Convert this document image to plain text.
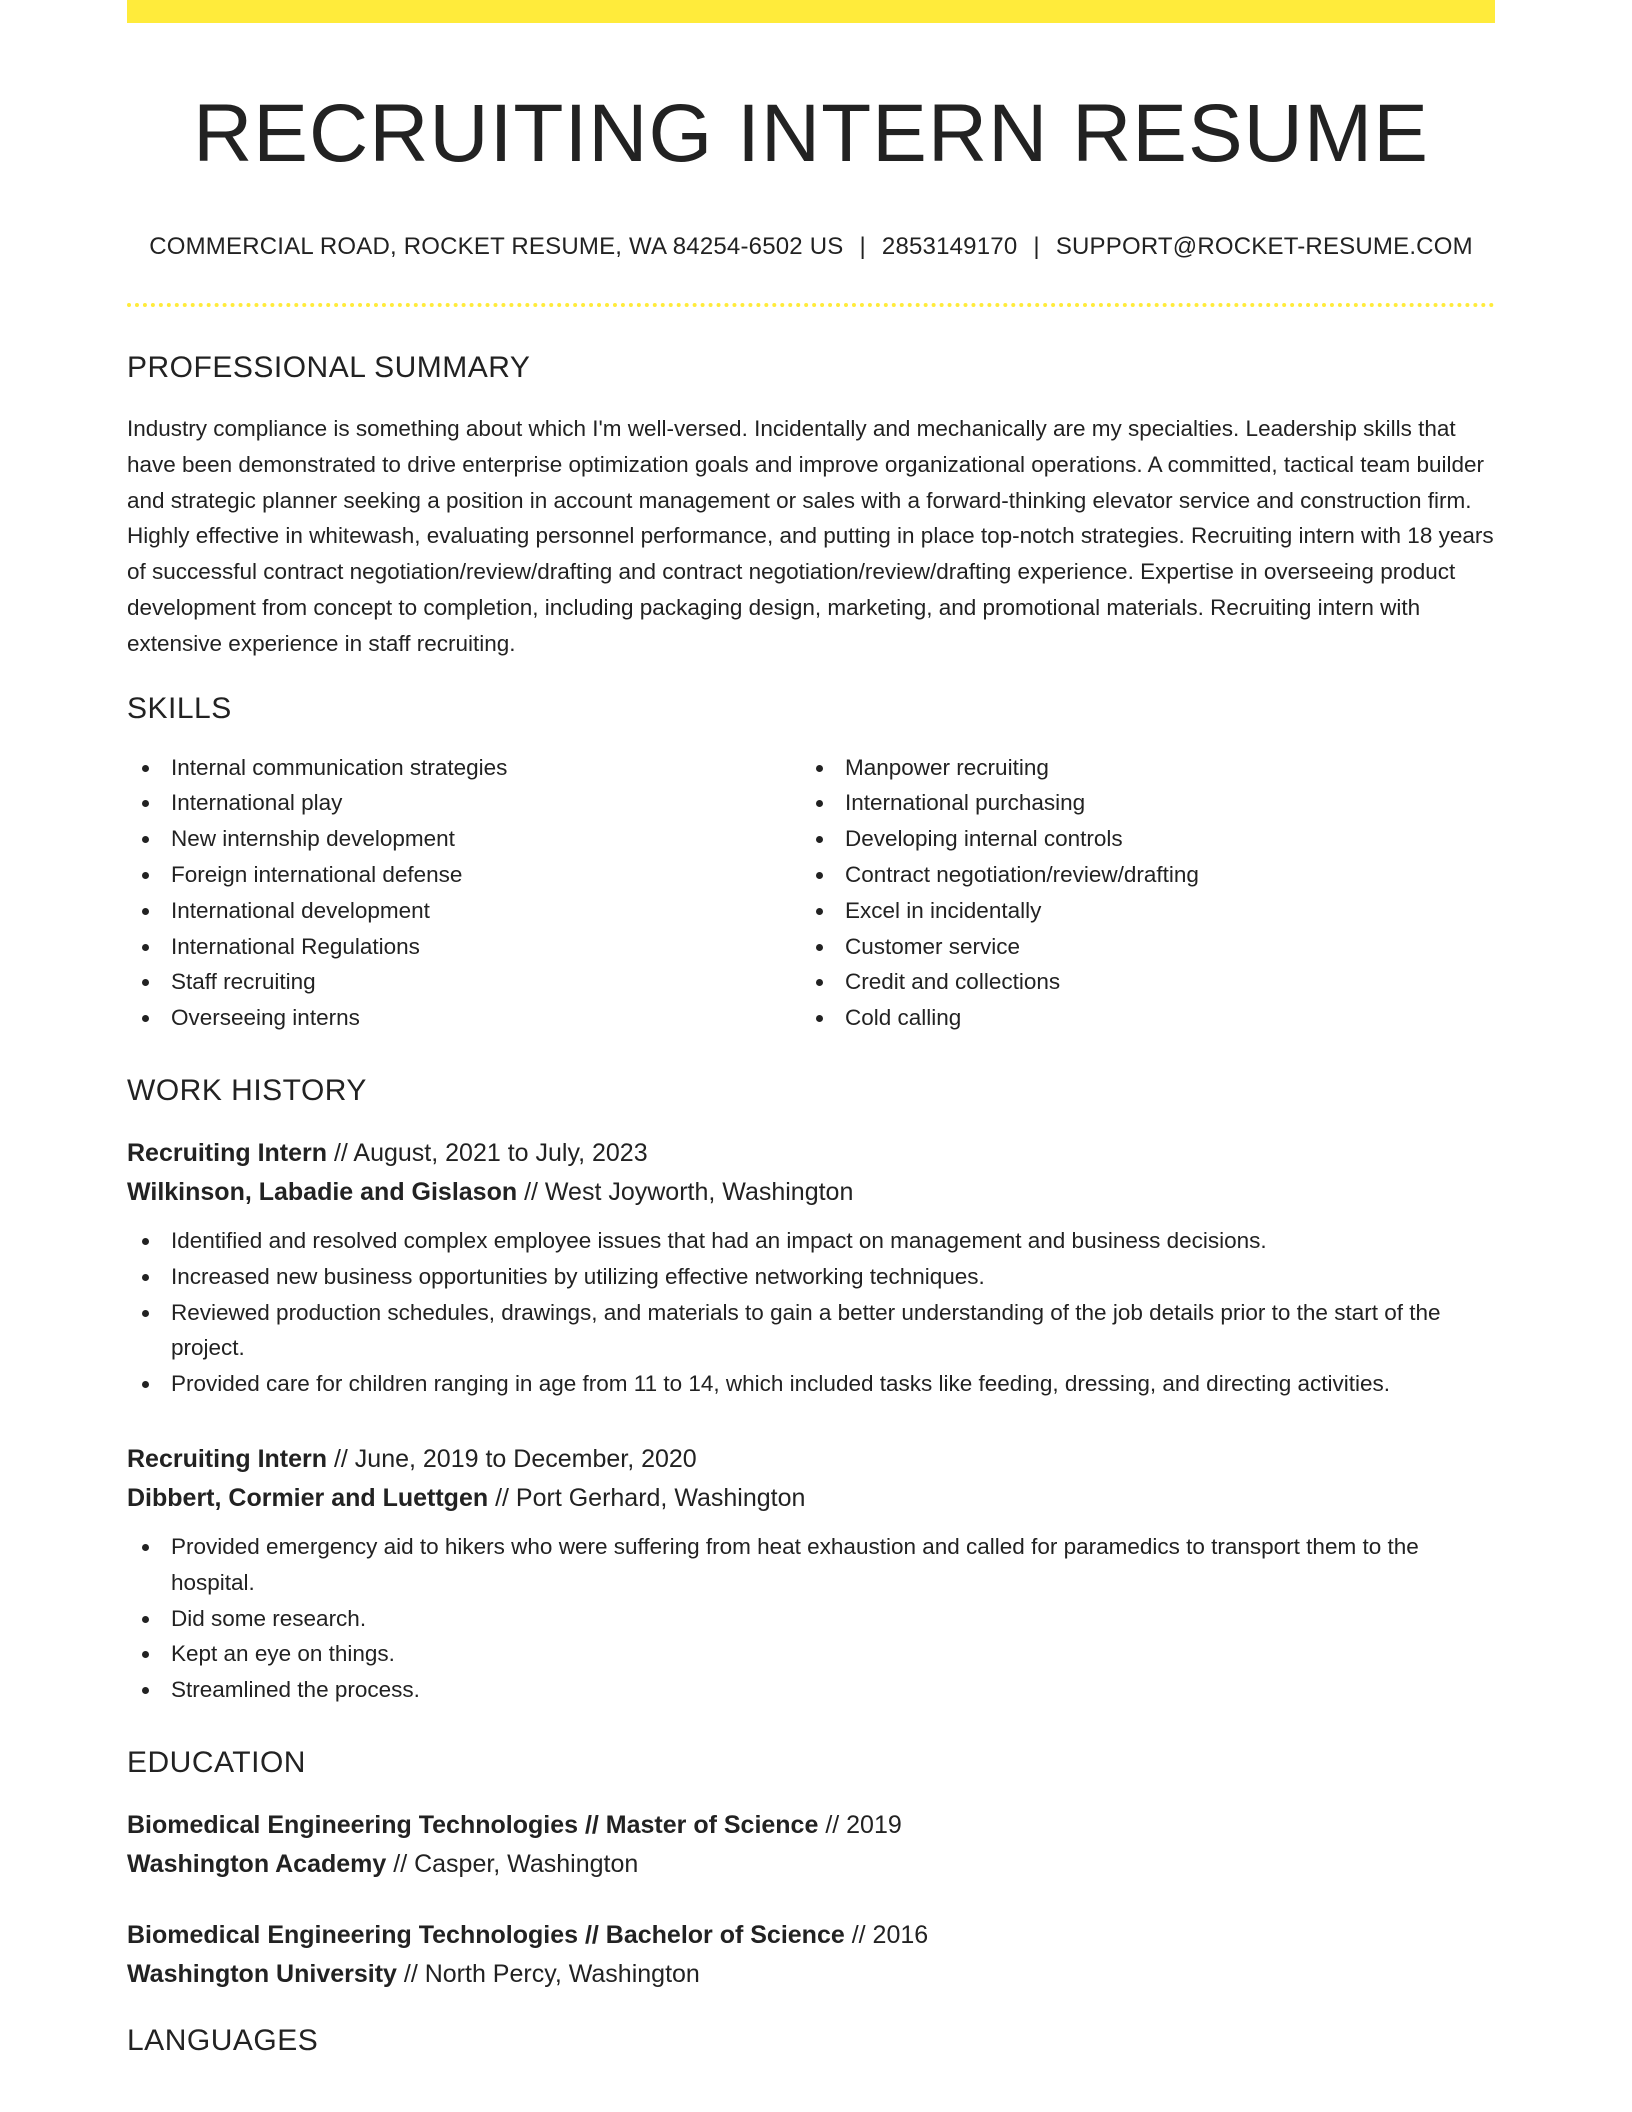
RECRUITING INTERN RESUME
COMMERCIAL ROAD, ROCKET RESUME, WA 84254-6502 US | 2853149170 | SUPPORT@ROCKET-RESUME.COM
PROFESSIONAL SUMMARY

Industry compliance is something about which I'm well-versed. Incidentally and mechanically are my specialties. Leadership skills that have been demonstrated to drive enterprise optimization goals and improve organizational operations. A committed, tactical team builder and strategic planner seeking a position in account management or sales with a forward-thinking elevator service and construction firm. Highly effective in whitewash, evaluating personnel performance, and putting in place top-notch strategies. Recruiting intern with 18 years of successful contract negotiation/review/drafting and contract negotiation/review/drafting experience. Expertise in overseeing product development from concept to completion, including packaging design, marketing, and promotional materials. Recruiting intern with extensive experience in staff recruiting.

SKILLS
Internal communication strategies
International play
New internship development
Foreign international defense
International development
International Regulations
Staff recruiting
Overseeing interns
Manpower recruiting
International purchasing
Developing internal controls
Contract negotiation/review/drafting
Excel in incidentally
Customer service
Credit and collections
Cold calling
WORK HISTORY
Recruiting Intern // August, 2021 to July, 2023
Wilkinson, Labadie and Gislason // West Joyworth, Washington
Identified and resolved complex employee issues that had an impact on management and business decisions.
Increased new business opportunities by utilizing effective networking techniques.
Reviewed production schedules, drawings, and materials to gain a better understanding of the job details prior to the start of the project.
Provided care for children ranging in age from 11 to 14, which included tasks like feeding, dressing, and directing activities.
Recruiting Intern // June, 2019 to December, 2020
Dibbert, Cormier and Luettgen // Port Gerhard, Washington
Provided emergency aid to hikers who were suffering from heat exhaustion and called for paramedics to transport them to the hospital.
Did some research.
Kept an eye on things.
Streamlined the process.
EDUCATION
Biomedical Engineering Technologies // Master of Science // 2019
Washington Academy // Casper, Washington
Biomedical Engineering Technologies // Bachelor of Science // 2016
Washington University // North Percy, Washington
LANGUAGES
